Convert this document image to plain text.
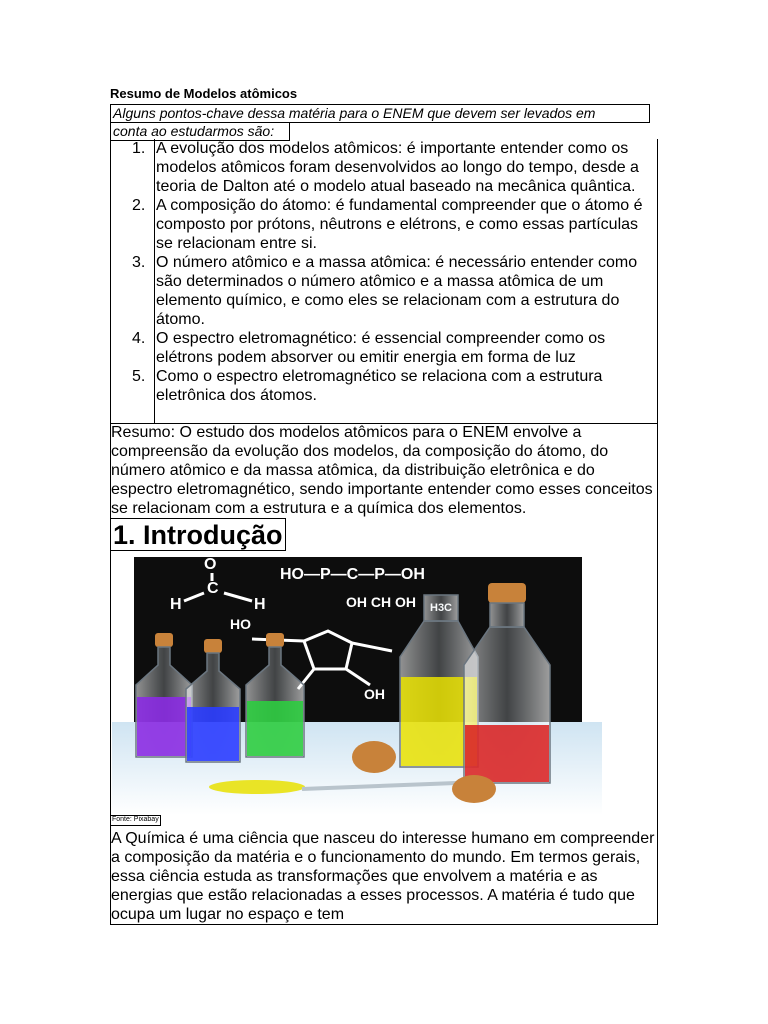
Resumo de Modelos atômicos
Alguns pontos-chave dessa matéria para o ENEM que devem ser levados em
conta ao estudarmos são:
1. A evolução dos modelos atômicos: é importante entender como os modelos atômicos foram desenvolvidos ao longo do tempo, desde a teoria de Dalton até o modelo atual baseado na mecânica quântica.
2. A composição do átomo: é fundamental compreender que o átomo é composto por prótons, nêutrons e elétrons, e como essas partículas se relacionam entre si.
3. O número atômico e a massa atômica: é necessário entender como são determinados o número atômico e a massa atômica de um elemento químico, e como eles se relacionam com a estrutura do átomo.
4. O espectro eletromagnético: é essencial compreender como os elétrons podem absorver ou emitir energia em forma de luz
5. Como o espectro eletromagnético se relaciona com a estrutura eletrônica dos átomos.
Resumo: O estudo dos modelos atômicos para o ENEM envolve a compreensão da evolução dos modelos, da composição do átomo, do número atômico e da massa atômica, da distribuição eletrônica e do espectro eletromagnético, sendo importante entender como esses conceitos se relacionam com a estrutura e a química dos elementos.
1. Introdução
O
C
H	H
HO—P—C—P—OH
OH CH OH
HO
OH
Fonte: Pixabay
A Química é uma ciência que nasceu do interesse humano em compreender a composição da matéria e o funcionamento do mundo. Em termos gerais, essa ciência estuda as transformações que envolvem a matéria e as energias que estão relacionadas a esses processos. A matéria é tudo que ocupa um lugar no espaço e tem
